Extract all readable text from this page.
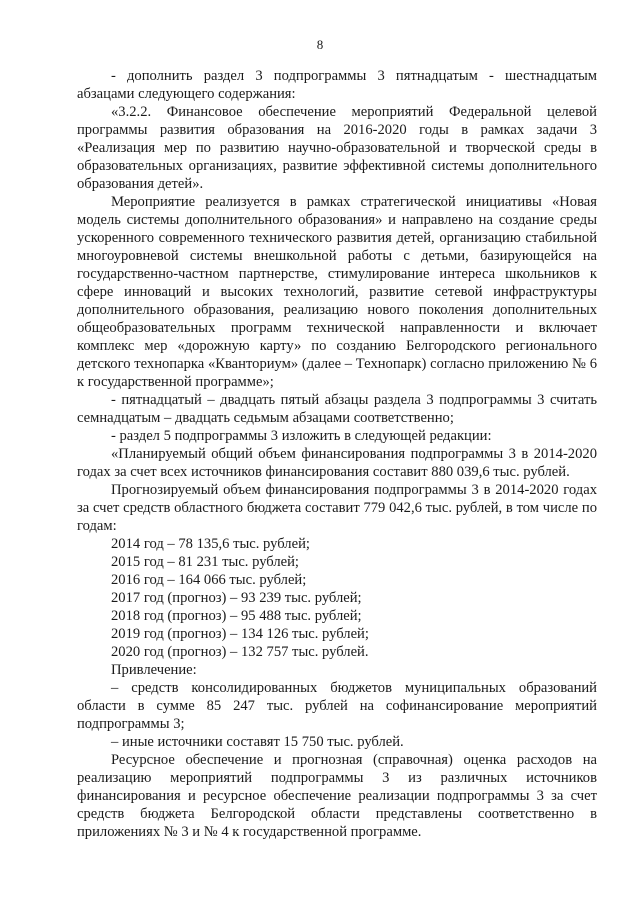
8

- дополнить раздел 3 подпрограммы 3 пятнадцатым - шестнадцатым абзацами следующего содержания:

«3.2.2. Финансовое обеспечение мероприятий Федеральной целевой программы развития образования на 2016-2020 годы в рамках задачи 3 «Реализация мер по развитию научно-образовательной и творческой среды в образовательных организациях, развитие эффективной системы дополнительного образования детей».

Мероприятие реализуется в рамках стратегической инициативы «Новая модель системы дополнительного образования» и направлено на создание среды ускоренного современного технического развития детей, организацию стабильной многоуровневой системы внешкольной работы с детьми, базирующейся на государственно-частном партнерстве, стимулирование интереса школьников к сфере инноваций и высоких технологий, развитие сетевой инфраструктуры дополнительного образования, реализацию нового поколения дополнительных общеобразовательных программ технической направленности и включает комплекс мер «дорожную карту» по созданию Белгородского регионального детского технопарка «Кванториум» (далее – Технопарк) согласно приложению № 6 к государственной программе»;

- пятнадцатый – двадцать пятый абзацы раздела 3 подпрограммы 3 считать семнадцатым – двадцать седьмым абзацами соответственно;

- раздел 5 подпрограммы 3 изложить в следующей редакции:

«Планируемый общий объем финансирования подпрограммы 3 в 2014-2020 годах за счет всех источников финансирования составит 880 039,6 тыс. рублей.

Прогнозируемый объем финансирования подпрограммы 3 в 2014-2020 годах за счет средств областного бюджета составит 779 042,6 тыс. рублей, в том числе по годам:

2014 год – 78 135,6 тыс. рублей;

2015 год – 81 231 тыс. рублей;

2016 год – 164 066 тыс. рублей;

2017 год (прогноз) – 93 239 тыс. рублей;

2018 год (прогноз) – 95 488 тыс. рублей;

2019 год (прогноз) – 134 126 тыс. рублей;

2020 год (прогноз) – 132 757 тыс. рублей.

Привлечение:

– средств консолидированных бюджетов муниципальных образований области в сумме 85 247 тыс. рублей на софинансирование мероприятий подпрограммы 3;

– иные источники составят 15 750 тыс. рублей.

Ресурсное обеспечение и прогнозная (справочная) оценка расходов на реализацию мероприятий подпрограммы 3 из различных источников финансирования и ресурсное обеспечение реализации подпрограммы 3 за счет средств бюджета Белгородской области представлены соответственно в приложениях № 3 и № 4 к государственной программе.
